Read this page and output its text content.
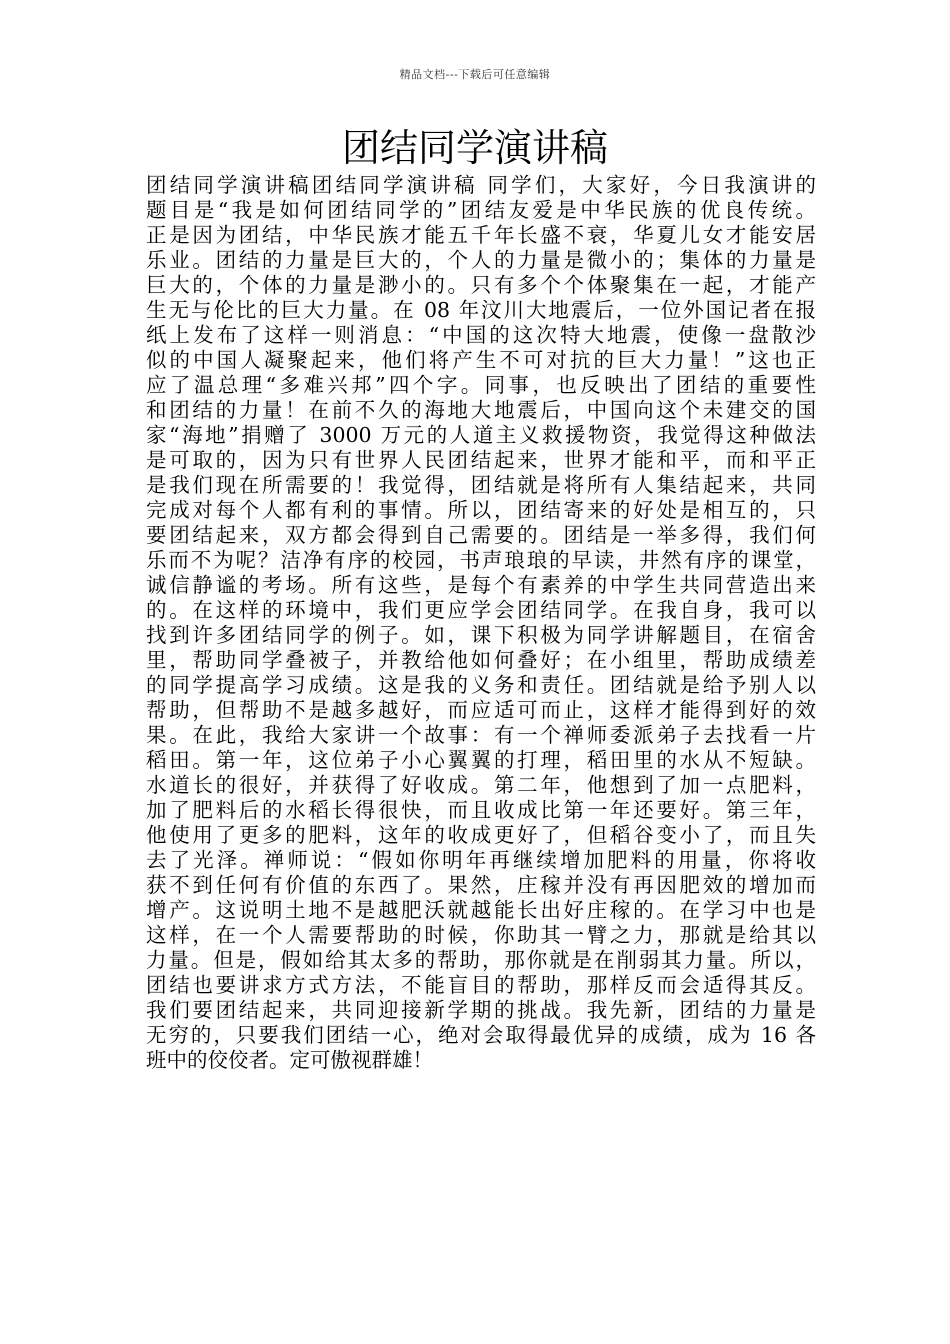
精品文档---下载后可任意编辑
团结同学演讲稿
团结同学演讲稿团结同学演讲稿 同学们，大家好，今日我演讲的
题目是“我是如何团结同学的”团结友爱是中华民族的优良传统。
正是因为团结，中华民族才能五千年长盛不衰，华夏儿女才能安居
乐业。团结的力量是巨大的，个人的力量是微小的；集体的力量是
巨大的，个体的力量是渺小的。只有多个个体聚集在一起，才能产
生无与伦比的巨大力量。在 08 年汶川大地震后，一位外国记者在报
纸上发布了这样一则消息：“中国的这次特大地震，使像一盘散沙
似的中国人凝聚起来，他们将产生不可对抗的巨大力量！”这也正
应了温总理“多难兴邦”四个字。同事，也反映出了团结的重要性
和团结的力量！在前不久的海地大地震后，中国向这个未建交的国
家“海地”捐赠了 3000 万元的人道主义救援物资，我觉得这种做法
是可取的，因为只有世界人民团结起来，世界才能和平，而和平正
是我们现在所需要的！我觉得，团结就是将所有人集结起来，共同
完成对每个人都有利的事情。所以，团结寄来的好处是相互的，只
要团结起来，双方都会得到自己需要的。团结是一举多得，我们何
乐而不为呢？洁净有序的校园，书声琅琅的早读，井然有序的课堂，
诚信静谧的考场。所有这些，是每个有素养的中学生共同营造出来
的。在这样的环境中，我们更应学会团结同学。在我自身，我可以
找到许多团结同学的例子。如，课下积极为同学讲解题目，在宿舍
里，帮助同学叠被子，并教给他如何叠好；在小组里，帮助成绩差
的同学提高学习成绩。这是我的义务和责任。团结就是给予别人以
帮助，但帮助不是越多越好，而应适可而止，这样才能得到好的效
果。在此，我给大家讲一个故事：有一个禅师委派弟子去找看一片
稻田。第一年，这位弟子小心翼翼的打理，稻田里的水从不短缺。
水道长的很好，并获得了好收成。第二年，他想到了加一点肥料，
加了肥料后的水稻长得很快，而且收成比第一年还要好。第三年，
他使用了更多的肥料，这年的收成更好了，但稻谷变小了，而且失
去了光泽。禅师说：“假如你明年再继续增加肥料的用量，你将收
获不到任何有价值的东西了。果然，庄稼并没有再因肥效的增加而
增产。这说明土地不是越肥沃就越能长出好庄稼的。在学习中也是
这样，在一个人需要帮助的时候，你助其一臂之力，那就是给其以
力量。但是，假如给其太多的帮助，那你就是在削弱其力量。所以，
团结也要讲求方式方法，不能盲目的帮助，那样反而会适得其反。
我们要团结起来，共同迎接新学期的挑战。我先新，团结的力量是
无穷的，只要我们团结一心，绝对会取得最优异的成绩，成为 16 各
班中的佼佼者。定可傲视群雄！
